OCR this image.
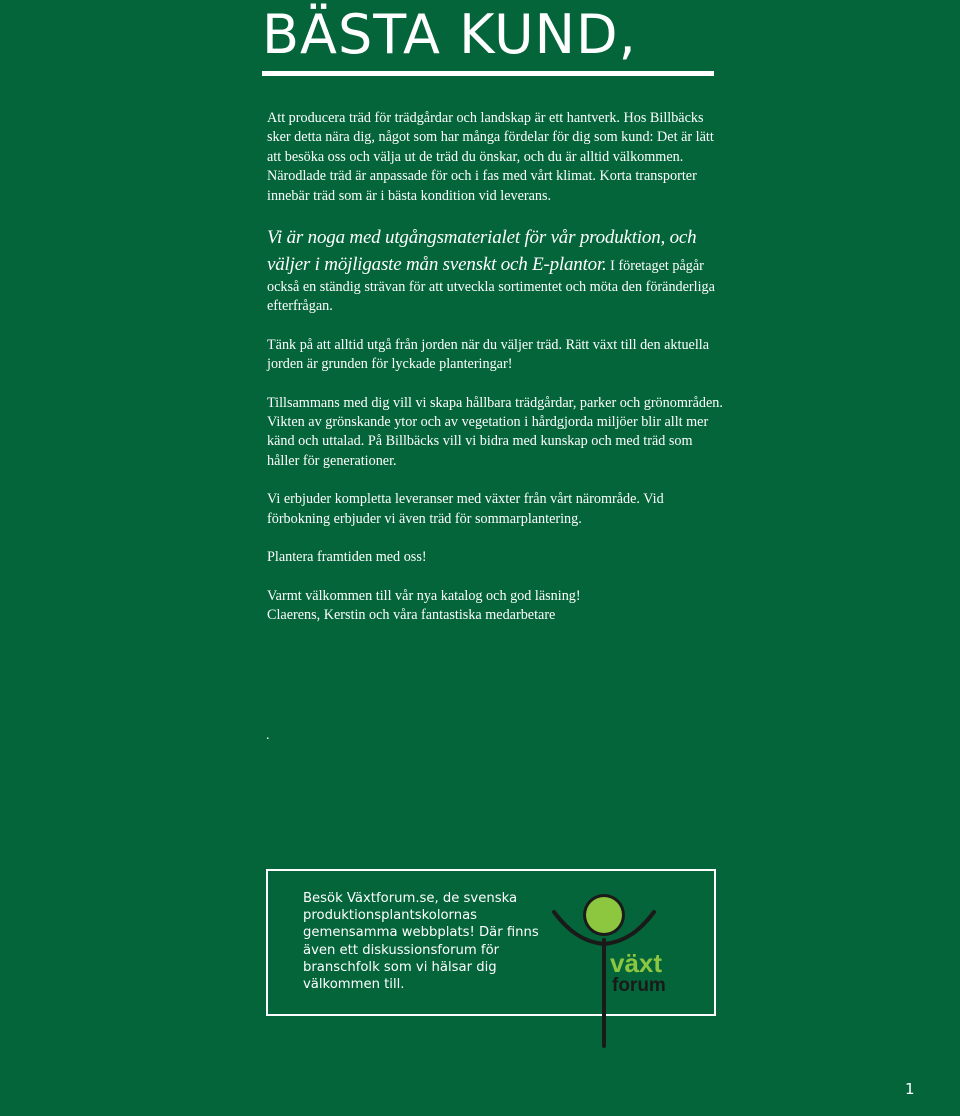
BÄSTA KUND,

Att producera träd för trädgårdar och landskap är ett hantverk. Hos Billbäcks sker detta nära dig, något som har många fördelar för dig som kund: Det är lätt att besöka oss och välja ut de träd du önskar, och du är alltid välkommen. Närodlade träd är anpassade för och i fas med vårt klimat. Korta transporter innebär träd som är i bästa kondition vid leverans.

Vi är noga med utgångsmaterialet för vår produktion, och
väljer i möjligaste mån svenskt och E-plantor. I företaget pågår också en ständig strävan för att utveckla sortimentet och möta den föränderliga efterfrågan.

Tänk på att alltid utgå från jorden när du väljer träd. Rätt växt till den aktuella jorden är grunden för lyckade planteringar!

Tillsammans med dig vill vi skapa hållbara trädgårdar, parker och grönområden. Vikten av grönskande ytor och av vegetation i hårdgjorda miljöer blir allt mer känd och uttalad. På Billbäcks vill vi bidra med kunskap och med träd som håller för generationer.

Vi erbjuder kompletta leveranser med växter från vårt närområde. Vid förbokning erbjuder vi även träd för sommarplantering.

Plantera framtiden med oss!

Varmt välkommen till vår nya katalog och god läsning!
Claerens, Kerstin och våra fantastiska medarbetare

.

Besök Växtforum.se, de svenska produktionsplantskolornas gemensamma webbplats! Där finns även ett diskussionsforum för branschfolk som vi hälsar dig välkommen till.

växt
forum
1
